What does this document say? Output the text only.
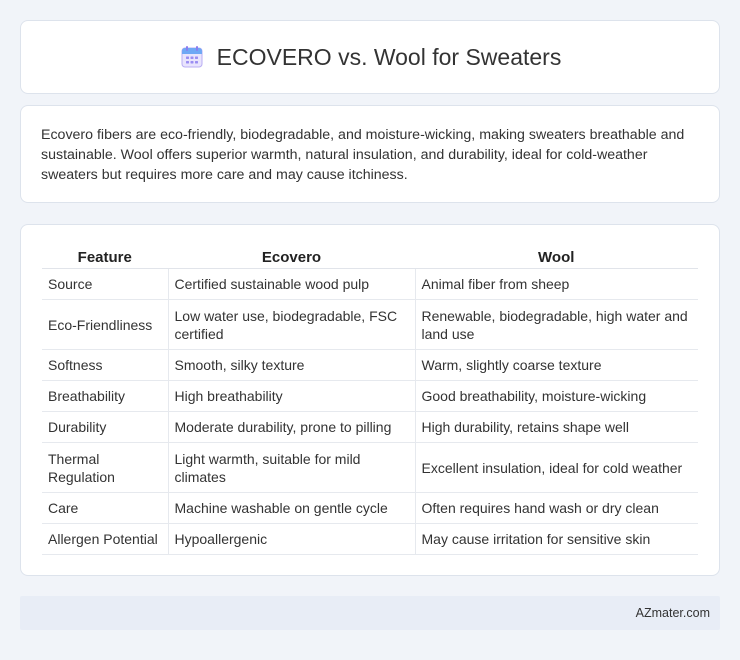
ECOVERO vs. Wool for Sweaters

Ecovero fibers are eco-friendly, biodegradable, and moisture-wicking, making sweaters breathable and sustainable. Wool offers superior warmth, natural insulation, and durability, ideal for cold-weather sweaters but requires more care and may cause itchiness.

Feature	Ecovero	Wool
Source	Certified sustainable wood pulp	Animal fiber from sheep
Eco-Friendliness	Low water use, biodegradable, FSC certified	Renewable, biodegradable, high water and land use
Softness	Smooth, silky texture	Warm, slightly coarse texture
Breathability	High breathability	Good breathability, moisture-wicking
Durability	Moderate durability, prone to pilling	High durability, retains shape well
Thermal Regulation	Light warmth, suitable for mild climates	Excellent insulation, ideal for cold weather
Care	Machine washable on gentle cycle	Often requires hand wash or dry clean
Allergen Potential	Hypoallergenic	May cause irritation for sensitive skin
AZmater.com
